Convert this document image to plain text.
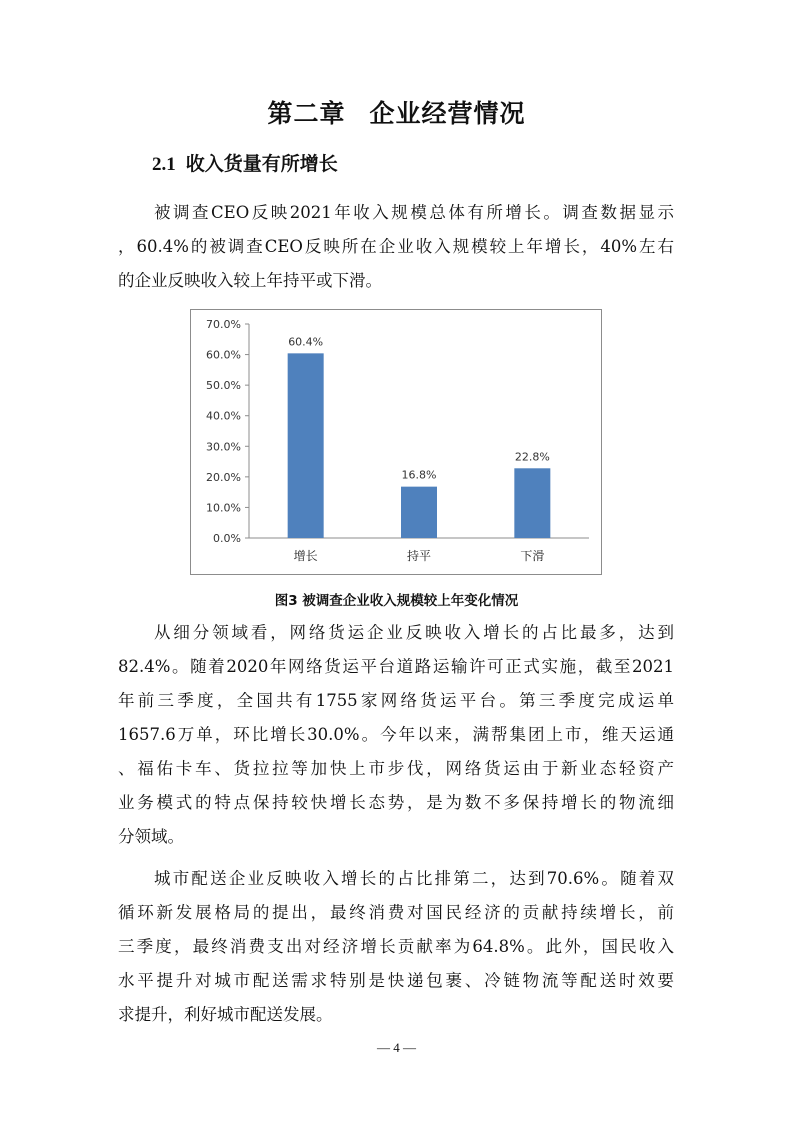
第二章 企业经营情况
2.1 收入货量有所增长

被调查CEO反映2021年收入规模总体有所增长。调查数据显示
，60.4%的被调查CEO反映所在企业收入规模较上年增长，40%左右
的企业反映收入较上年持平或下滑。

0.0%
10.0%
20.0%
30.0%
40.0%
50.0%
60.0%
70.0%
60.4%
增长
16.8%
持平
22.8%
下滑
图3 被调查企业收入规模较上年变化情况

从细分领域看，网络货运企业反映收入增长的占比最多，达到
82.4%。随着2020年网络货运平台道路运输许可正式实施，截至2021
年前三季度，全国共有1755家网络货运平台。第三季度完成运单
1657.6万单，环比增长30.0%。今年以来，满帮集团上市，维天运通
、福佑卡车、货拉拉等加快上市步伐，网络货运由于新业态轻资产
业务模式的特点保持较快增长态势，是为数不多保持增长的物流细
分领域。

城市配送企业反映收入增长的占比排第二，达到70.6%。随着双
循环新发展格局的提出，最终消费对国民经济的贡献持续增长，前
三季度，最终消费支出对经济增长贡献率为64.8%。此外，国民收入
水平提升对城市配送需求特别是快递包裹、冷链物流等配送时效要
求提升，利好城市配送发展。

— 4 —
